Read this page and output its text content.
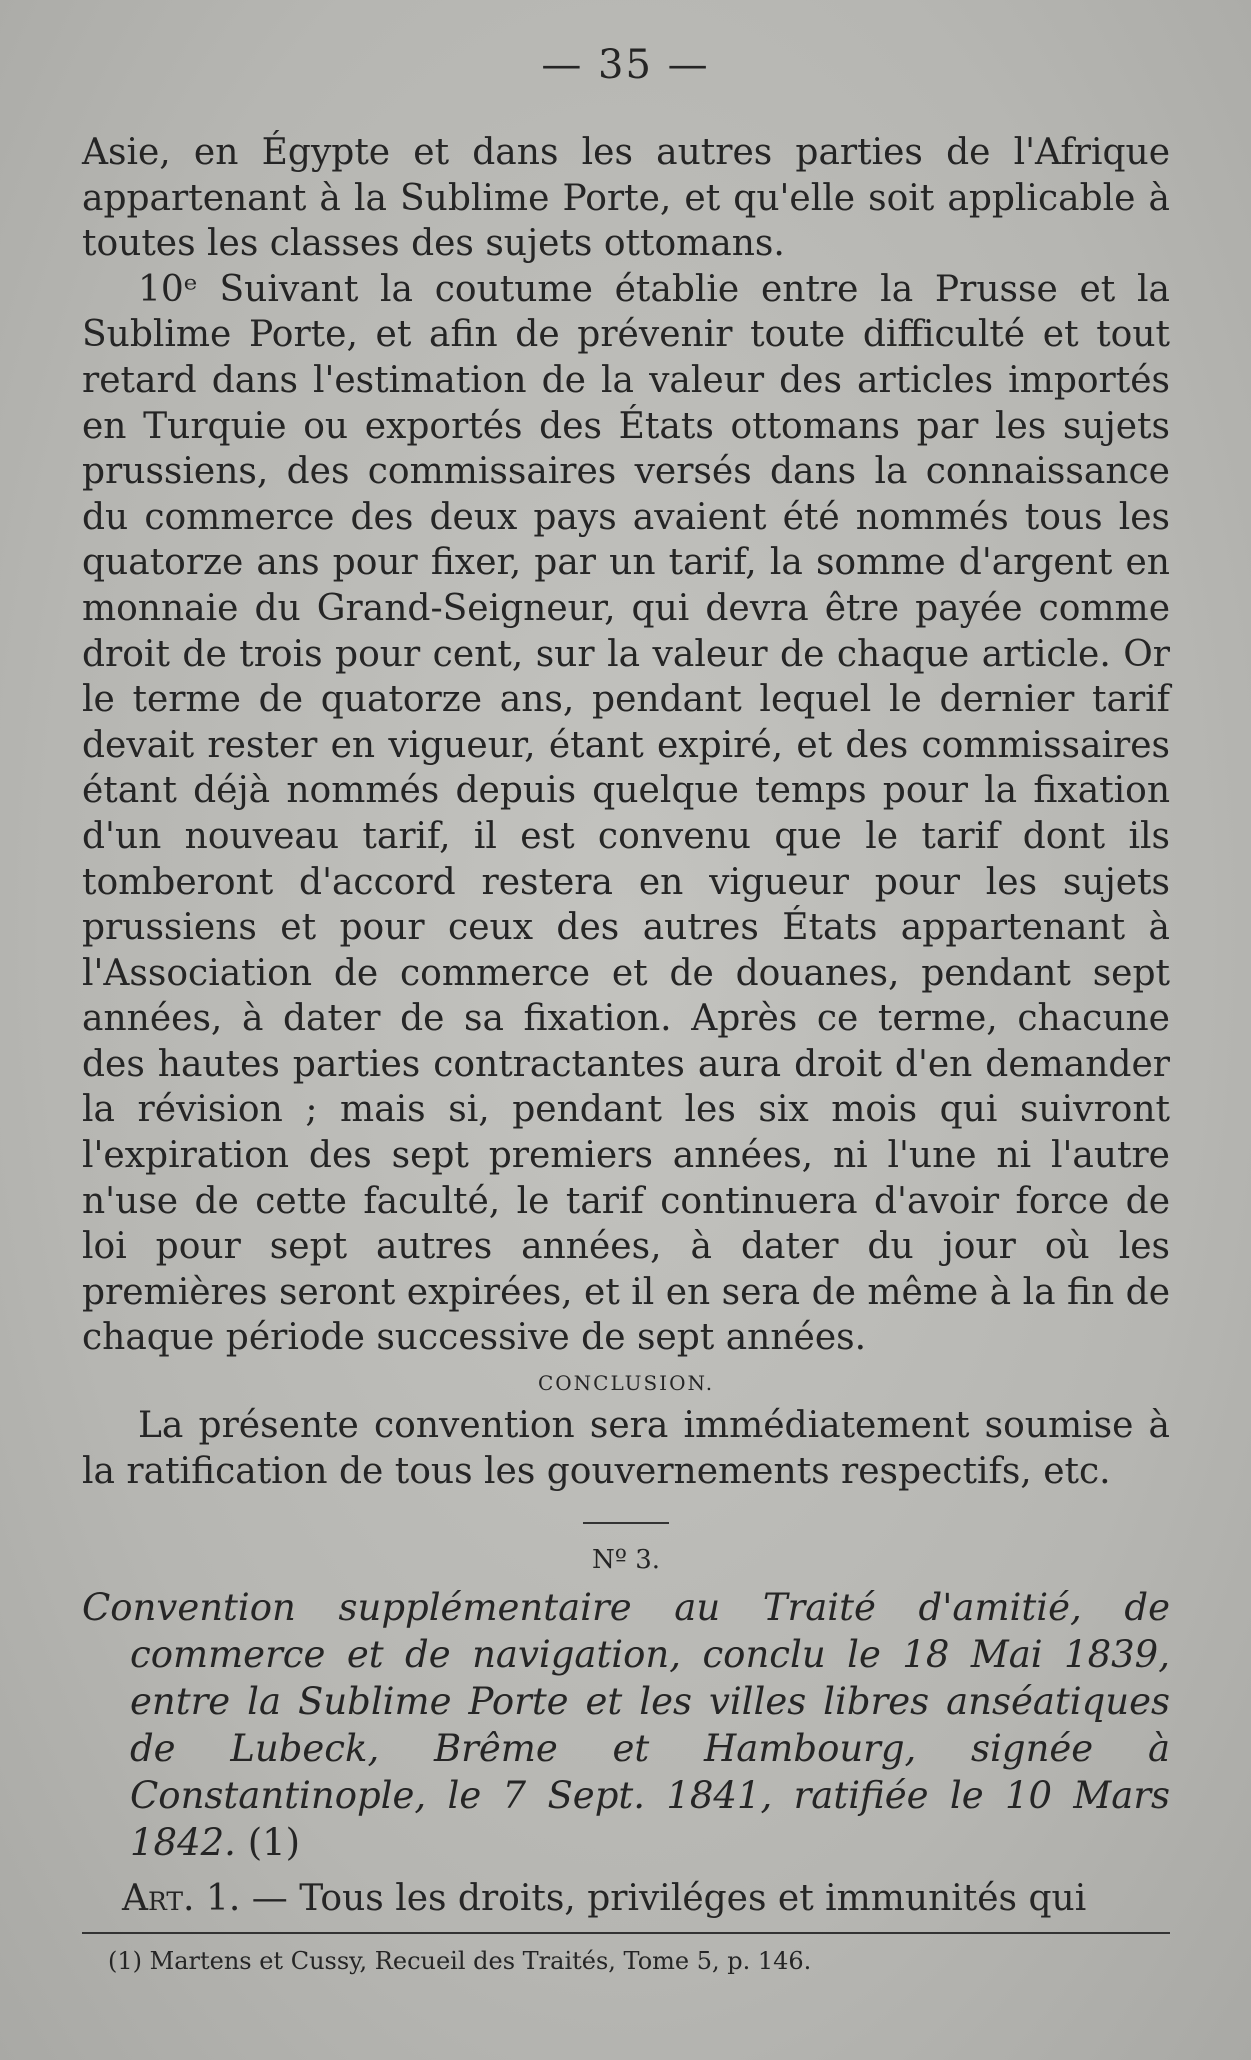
— 35 —

Asie, en Égypte et dans les autres parties de l'Afrique appartenant à la Sublime Porte, et qu'elle soit applicable à toutes les classes des sujets ottomans.

10ᵉ Suivant la coutume établie entre la Prusse et la Sublime Porte, et afin de prévenir toute difficulté et tout retard dans l'estimation de la valeur des articles importés en Turquie ou exportés des États ottomans par les sujets prussiens, des commissaires versés dans la connaissance du commerce des deux pays avaient été nommés tous les quatorze ans pour fixer, par un tarif, la somme d'argent en monnaie du Grand-Seigneur, qui devra être payée comme droit de trois pour cent, sur la valeur de chaque article. Or le terme de quatorze ans, pendant lequel le dernier tarif devait rester en vigueur, étant expiré, et des commissaires étant déjà nommés depuis quelque temps pour la fixation d'un nouveau tarif, il est convenu que le tarif dont ils tomberont d'accord restera en vigueur pour les sujets prussiens et pour ceux des autres États appartenant à l'Association de commerce et de douanes, pendant sept années, à dater de sa fixation. Après ce terme, chacune des hautes parties contractantes aura droit d'en demander la révision ; mais si, pendant les six mois qui suivront l'expiration des sept premiers années, ni l'une ni l'autre n'use de cette faculté, le tarif continuera d'avoir force de loi pour sept autres années, à dater du jour où les premières seront expirées, et il en sera de même à la fin de chaque période successive de sept années.

CONCLUSION.

La présente convention sera immédiatement soumise à la ratification de tous les gouvernements respectifs, etc.

Nº 3.

Convention supplémentaire au Traité d'amitié, de commerce et de navigation, conclu le 18 Mai 1839, entre la Sublime Porte et les villes libres anséatiques de Lubeck, Brême et Hambourg, signée à Constantinople, le 7 Sept. 1841, ratifiée le 10 Mars 1842. (1)

Art. 1. — Tous les droits, priviléges et immunités qui

(1) Martens et Cussy, Recueil des Traités, Tome 5, p. 146.
